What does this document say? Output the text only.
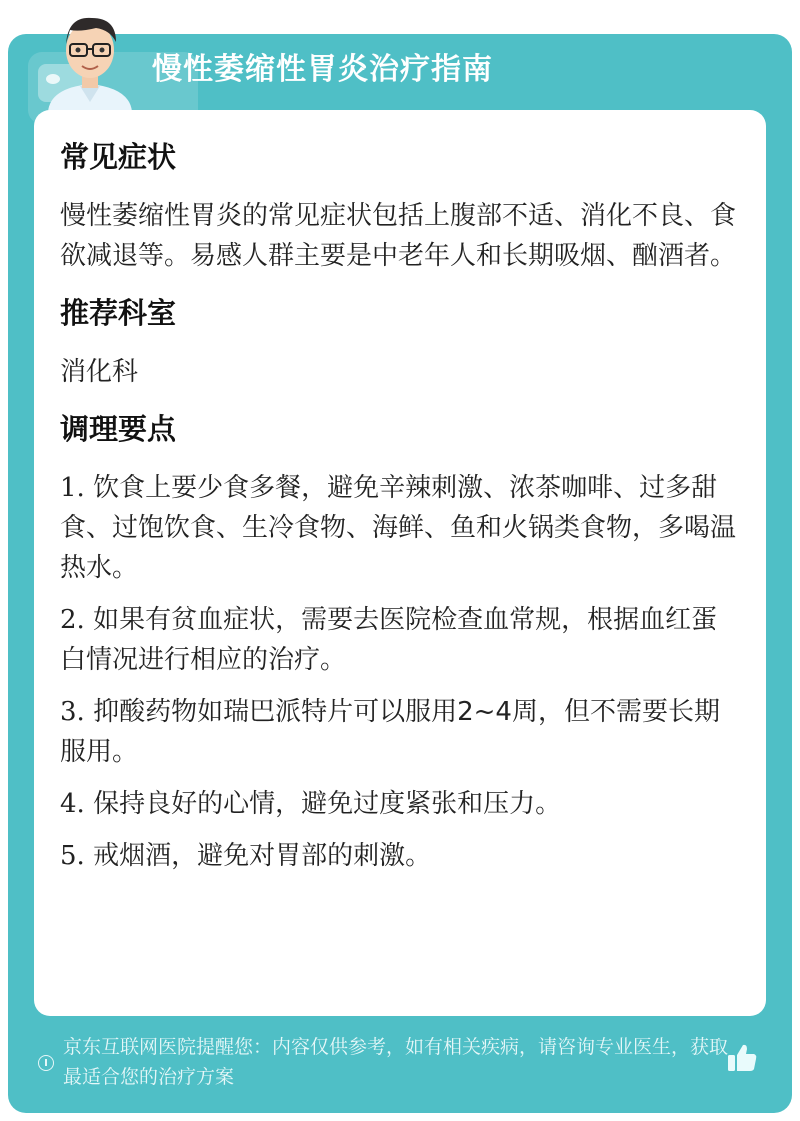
慢性萎缩性胃炎治疗指南
常见症状

慢性萎缩性胃炎的常见症状包括上腹部不适、消化不良、食欲减退等。易感人群主要是中老年人和长期吸烟、酗酒者。

推荐科室

消化科

调理要点

1. 饮食上要少食多餐，避免辛辣刺激、浓茶咖啡、过多甜食、过饱饮食、生冷食物、海鲜、鱼和火锅类食物，多喝温热水。

2. 如果有贫血症状，需要去医院检查血常规，根据血红蛋白情况进行相应的治疗。

3. 抑酸药物如瑞巴派特片可以服用2~4周，但不需要长期服用。

4. 保持良好的心情，避免过度紧张和压力。

5. 戒烟酒，避免对胃部的刺激。

京东互联网医院提醒您：内容仅供参考，如有相关疾病，请咨询专业医生，获取最适合您的治疗方案
